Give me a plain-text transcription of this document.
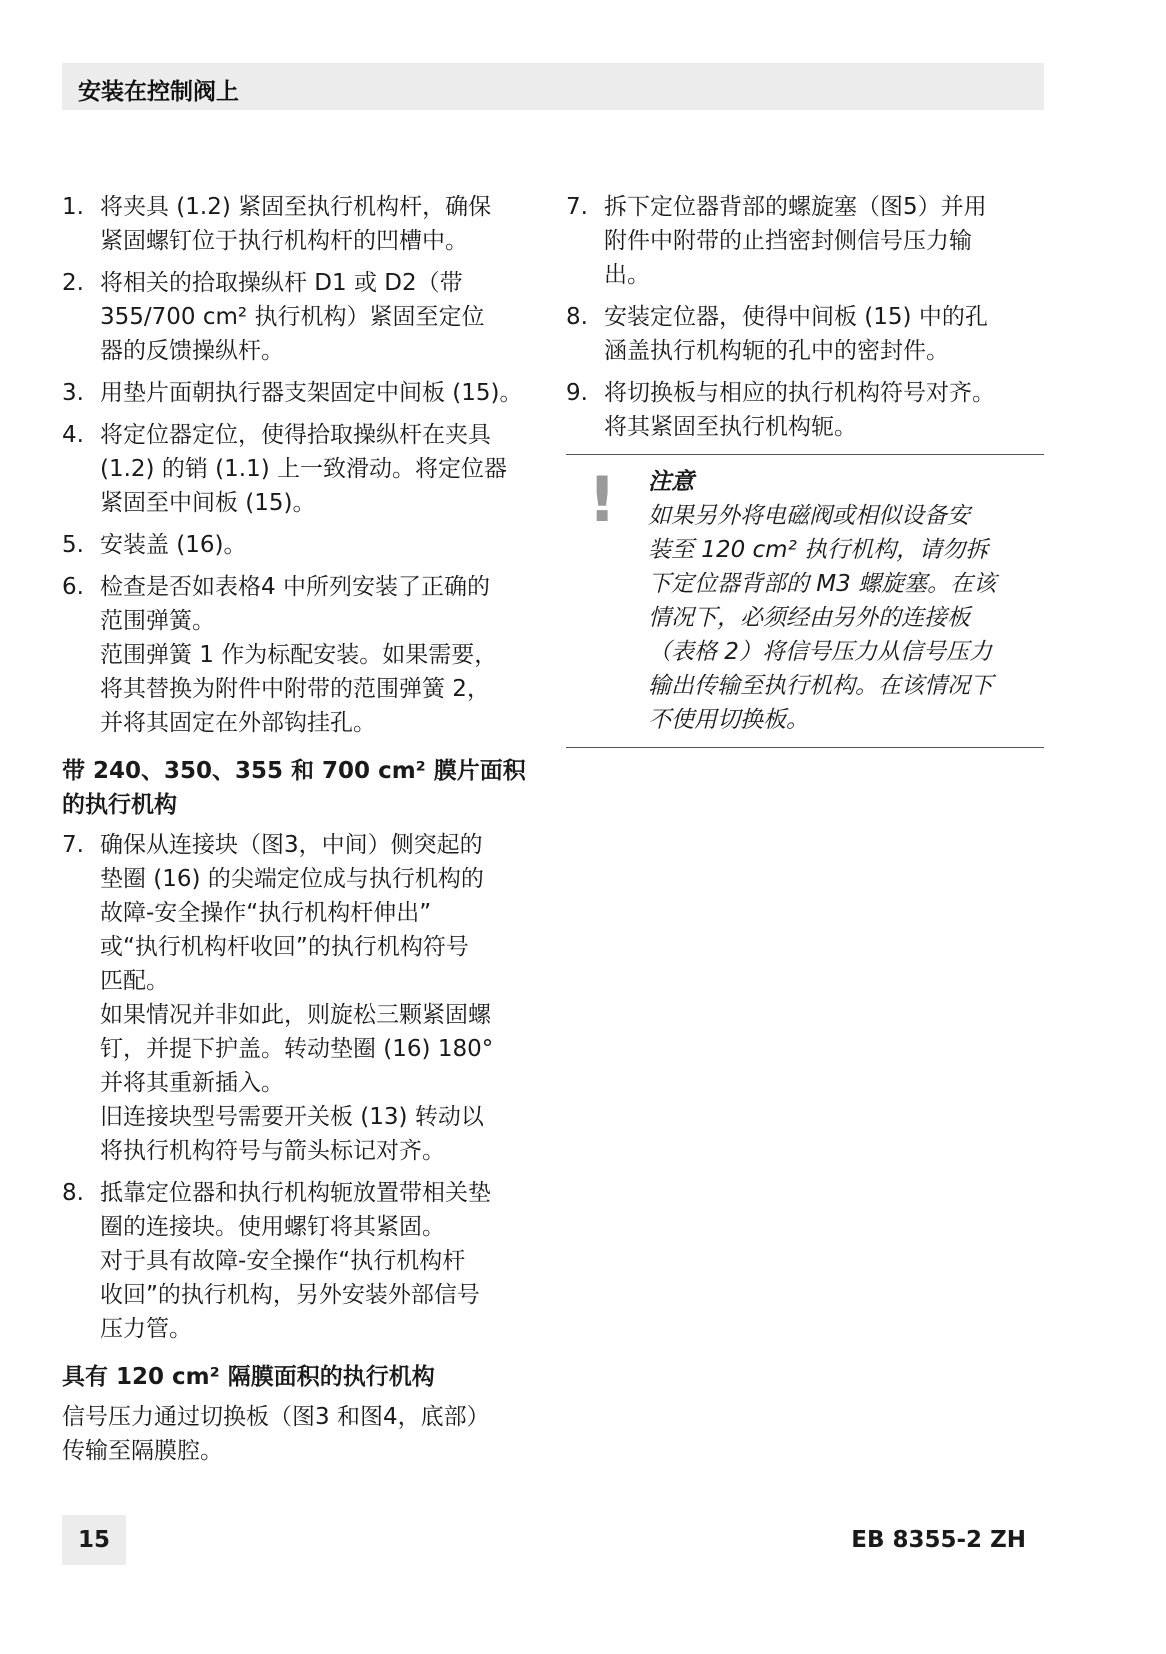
安装在控制阀上
1. 将夹具 (1.2) 紧固至执行机构杆，确保

紧固螺钉位于执行机构杆的凹槽中。

2. 将相关的拾取操纵杆 D1 或 D2（带

355/700 cm² 执行机构）紧固至定位

器的反馈操纵杆。

3. 用垫片面朝执行器支架固定中间板 (15)。

4. 将定位器定位，使得拾取操纵杆在夹具

(1.2) 的销 (1.1) 上一致滑动。将定位器

紧固至中间板 (15)。

5. 安装盖 (16)。

6. 检查是否如表格4 中所列安装了正确的

范围弹簧。

范围弹簧 1 作为标配安装。如果需要，

将其替换为附件中附带的范围弹簧 2，

并将其固定在外部钩挂孔。

带 240、350、355 和 700 cm² 膜片面积
的执行机构
7. 确保从连接块（图3，中间）侧突起的

垫圈 (16) 的尖端定位成与执行机构的

故障-安全操作“执行机构杆伸出”

或“执行机构杆收回”的执行机构符号

匹配。

如果情况并非如此，则旋松三颗紧固螺

钉，并提下护盖。转动垫圈 (16) 180°

并将其重新插入。

旧连接块型号需要开关板 (13) 转动以

将执行机构符号与箭头标记对齐。

8. 抵靠定位器和执行机构轭放置带相关垫

圈的连接块。使用螺钉将其紧固。

对于具有故障-安全操作“执行机构杆

收回”的执行机构，另外安装外部信号

压力管。

具有 120 cm² 隔膜面积的执行机构
信号压力通过切换板（图3 和图4，底部）
传输至隔膜腔。
7. 拆下定位器背部的螺旋塞（图5）并用

附件中附带的止挡密封侧信号压力输

出。

8. 安装定位器，使得中间板 (15) 中的孔

涵盖执行机构轭的孔中的密封件。

9. 将切换板与相应的执行机构符号对齐。

将其紧固至执行机构轭。

! 注意

如果另外将电磁阀或相似设备安

装至 120 cm² 执行机构，请勿拆

下定位器背部的 M3 螺旋塞。在该

情况下，必须经由另外的连接板

（表格 2）将信号压力从信号压力

输出传输至执行机构。在该情况下

不使用切换板。

15	EB 8355-2 ZH
